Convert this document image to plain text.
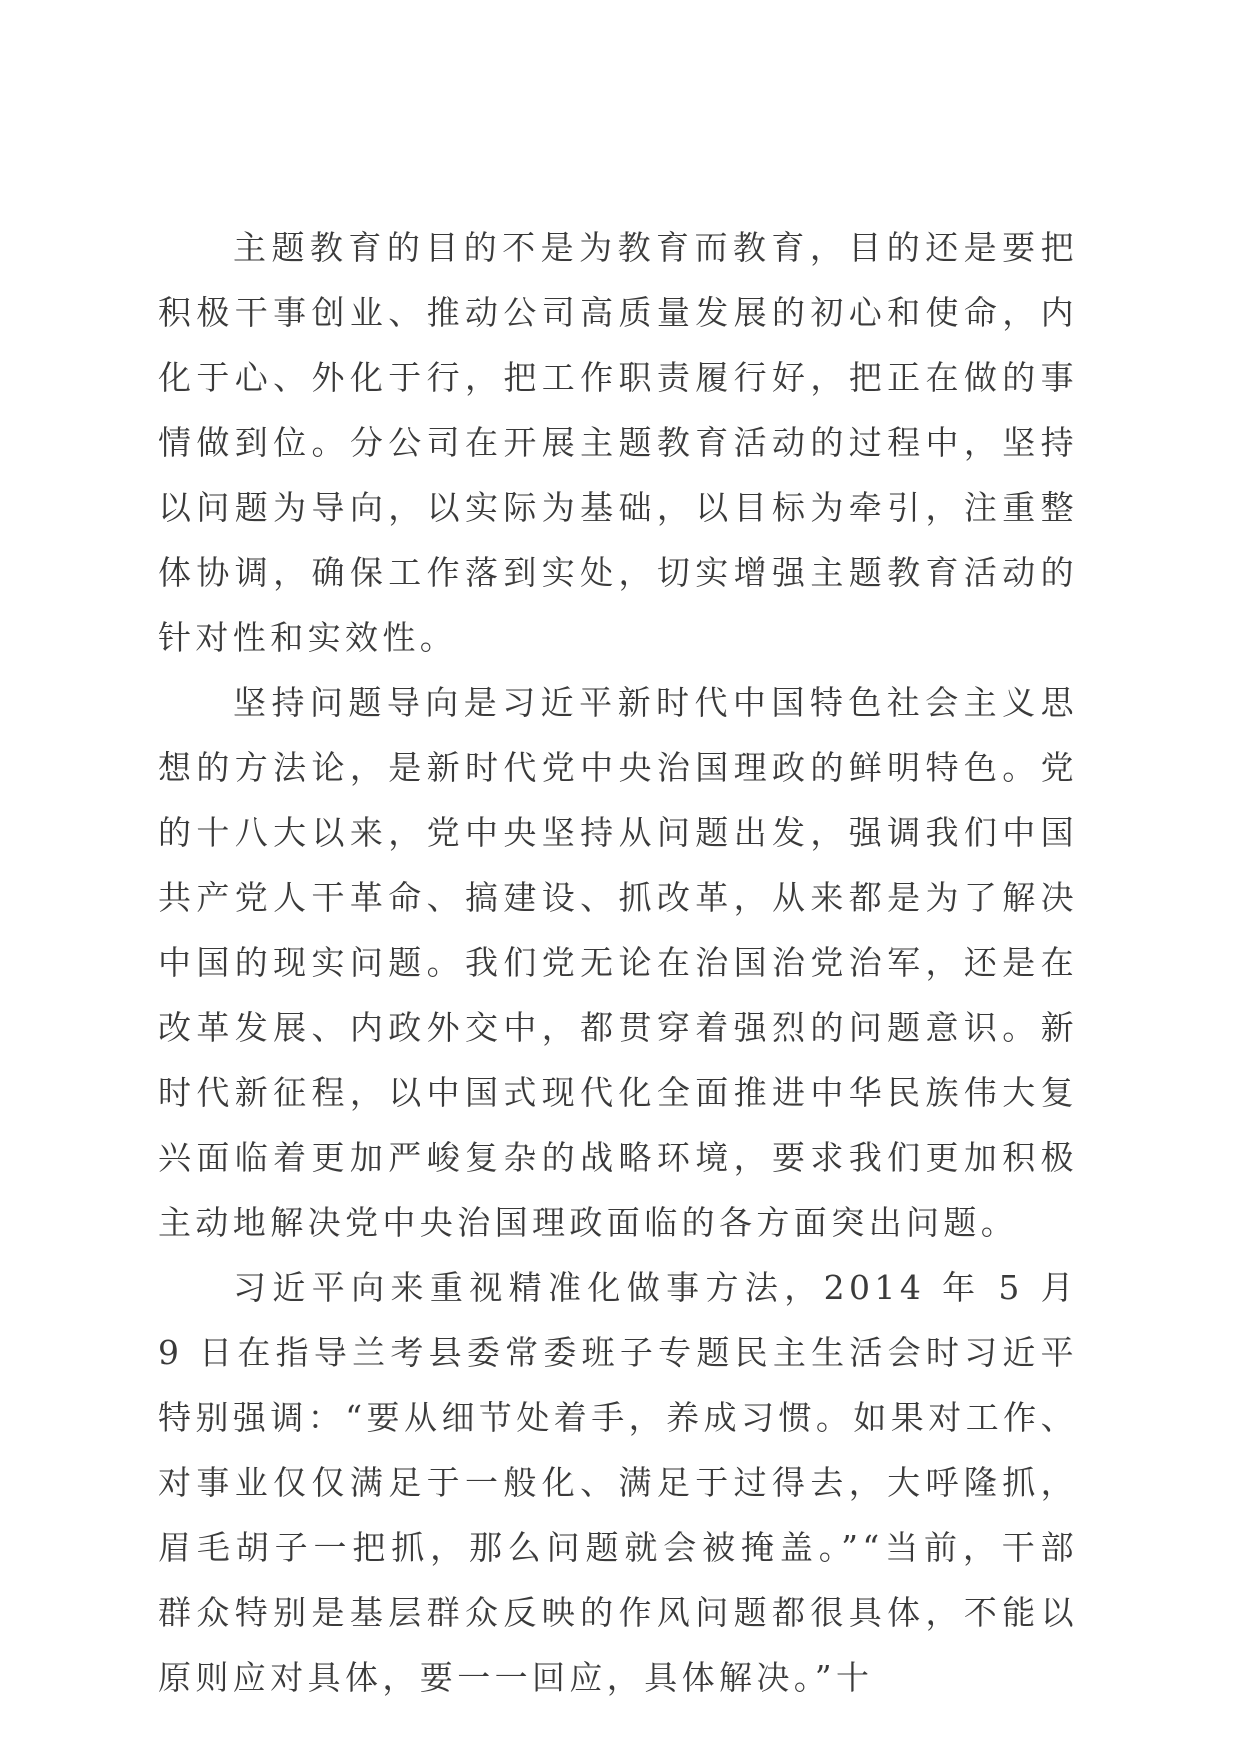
主题教育的目的不是为教育而教育，目的还是要把积极干事创业、推动公司高质量发展的初心和使命，内化于心、外化于行，把工作职责履行好，把正在做的事情做到位。分公司在开展主题教育活动的过程中，坚持以问题为导向，以实际为基础，以目标为牵引，注重整体协调，确保工作落到实处，切实增强主题教育活动的针对性和实效性。

坚持问题导向是习近平新时代中国特色社会主义思想的方法论，是新时代党中央治国理政的鲜明特色。党的十八大以来，党中央坚持从问题出发，强调我们中国共产党人干革命、搞建设、抓改革，从来都是为了解决中国的现实问题。我们党无论在治国治党治军，还是在改革发展、内政外交中，都贯穿着强烈的问题意识。新时代新征程，以中国式现代化全面推进中华民族伟大复兴面临着更加严峻复杂的战略环境，要求我们更加积极主动地解决党中央治国理政面临的各方面突出问题。

习近平向来重视精准化做事方法，2014 年 5 月 9 日在指导兰考县委常委班子专题民主生活会时习近平特别强调：“要从细节处着手，养成习惯。如果对工作、对事业仅仅满足于一般化、满足于过得去，大呼隆抓，眉毛胡子一把抓，那么问题就会被掩盖。”“当前，干部群众特别是基层群众反映的作风问题都很具体，不能以原则应对具体，要一一回应，具体解决。”十
